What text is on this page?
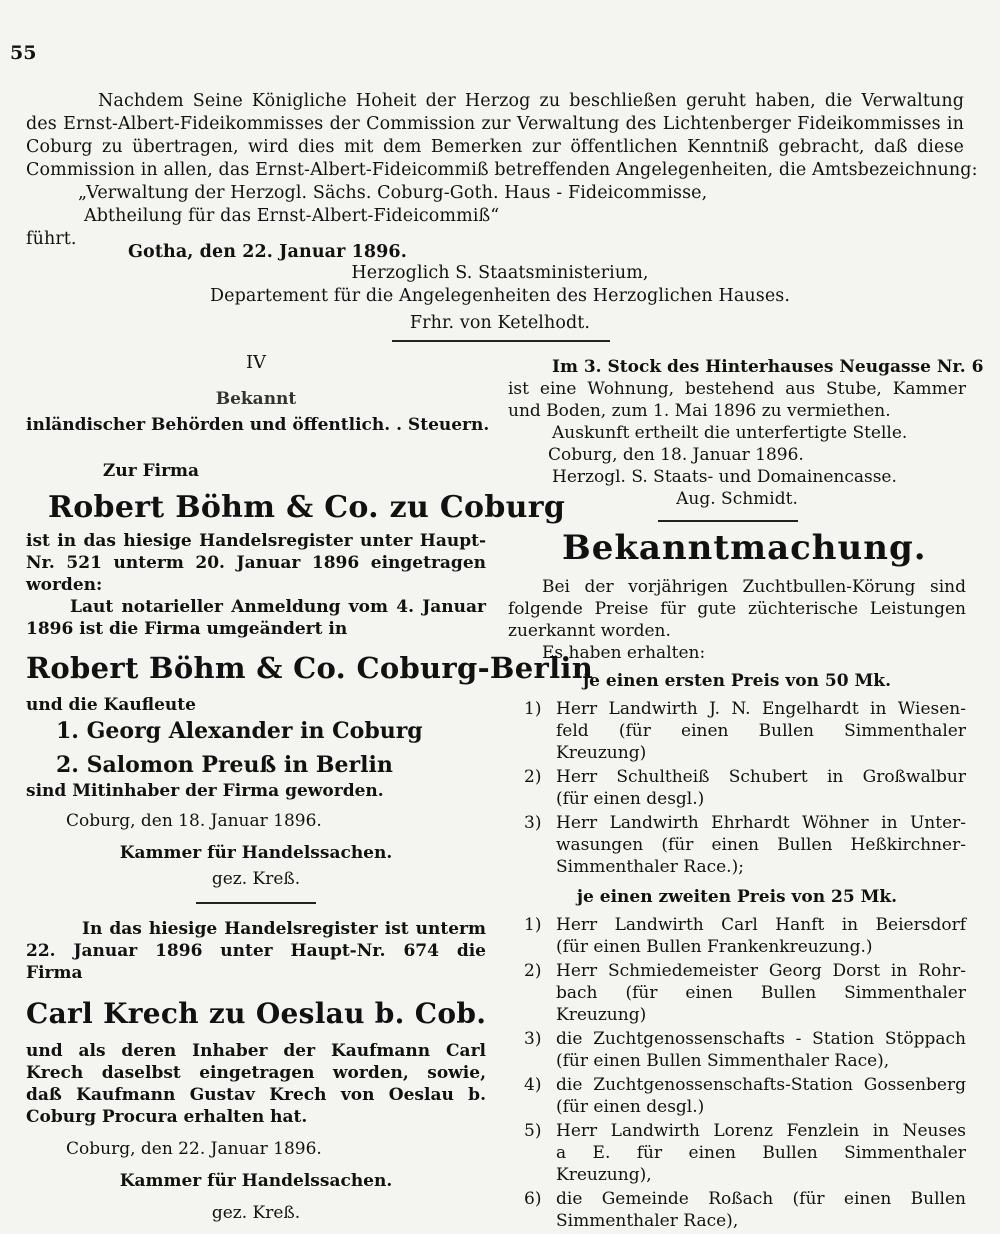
55
Nachdem Seine Königliche Hoheit der Herzog zu beschließen geruht haben, die Verwaltung
des Ernst-Albert-Fideikommisses der Commission zur Verwaltung des Lichtenberger Fideikommisses in
Coburg zu übertragen, wird dies mit dem Bemerken zur öffentlichen Kenntniß gebracht, daß diese
Commission in allen, das Ernst-Albert-Fideicommiß betreffenden Angelegenheiten, die Amtsbezeichnung:
„Verwaltung der Herzogl. Sächs. Coburg-Goth. Haus - Fideicommisse,
Abtheilung für das Ernst-Albert-Fideicommiß“
führt.
Gotha, den 22. Januar 1896.
Herzoglich S. Staatsministerium,
Departement für die Angelegenheiten des Herzoglichen Hauses.
Frhr. von Ketelhodt.
IV
Bekannt
inländischer Behörden und öffentlich. . Steuern.
Zur Firma
Robert Böhm & Co. zu Coburg
ist in das hiesige Handelsregister unter Haupt-
Nr. 521 unterm 20. Januar 1896 eingetragen
worden:
Laut notarieller Anmeldung vom 4. Januar
1896 ist die Firma umgeändert in
Robert Böhm & Co. Coburg-Berlin
und die Kaufleute
1. Georg Alexander in Coburg
2. Salomon Preuß in Berlin
sind Mitinhaber der Firma geworden.
Coburg, den 18. Januar 1896.
Kammer für Handelssachen.
gez. Kreß.
In das hiesige Handelsregister ist unterm
22. Januar 1896 unter Haupt-Nr. 674 die
Firma
Carl Krech zu Oeslau b. Cob.
und als deren Inhaber der Kaufmann Carl
Krech daselbst eingetragen worden, sowie,
daß Kaufmann Gustav Krech von Oeslau b.
Coburg Procura erhalten hat.
Coburg, den 22. Januar 1896.
Kammer für Handelssachen.
gez. Kreß.
Im 3. Stock des Hinterhauses Neugasse Nr. 6
ist eine Wohnung, bestehend aus Stube, Kammer
und Boden, zum 1. Mai 1896 zu vermiethen.
Auskunft ertheilt die unterfertigte Stelle.
Coburg, den 18. Januar 1896.
Herzogl. S. Staats- und Domainencasse.
Aug. Schmidt.
Bekanntmachung.
Bei der vorjährigen Zuchtbullen-Körung sind
folgende Preise für gute züchterische Leistungen
zuerkannt worden.
Es haben erhalten:
je einen ersten Preis von 50 Mk.
1) Herr Landwirth J. N. Engelhardt in Wiesen-
feld (für einen Bullen Simmenthaler
Kreuzung)
2) Herr Schultheiß Schubert in Großwalbur
(für einen desgl.)
3) Herr Landwirth Ehrhardt Wöhner in Unter-
wasungen (für einen Bullen Heßkirchner-
Simmenthaler Race.);
je einen zweiten Preis von 25 Mk.
1) Herr Landwirth Carl Hanft in Beiersdorf
(für einen Bullen Frankenkreuzung.)
2) Herr Schmiedemeister Georg Dorst in Rohr-
bach (für einen Bullen Simmenthaler
Kreuzung)
3) die Zuchtgenossenschafts - Station Stöppach
(für einen Bullen Simmenthaler Race),
4) die Zuchtgenossenschafts-Station Gossenberg
(für einen desgl.)
5) Herr Landwirth Lorenz Fenzlein in Neuses
a E. für einen Bullen Simmenthaler
Kreuzung),
6) die Gemeinde Roßach (für einen Bullen
Simmenthaler Race),
